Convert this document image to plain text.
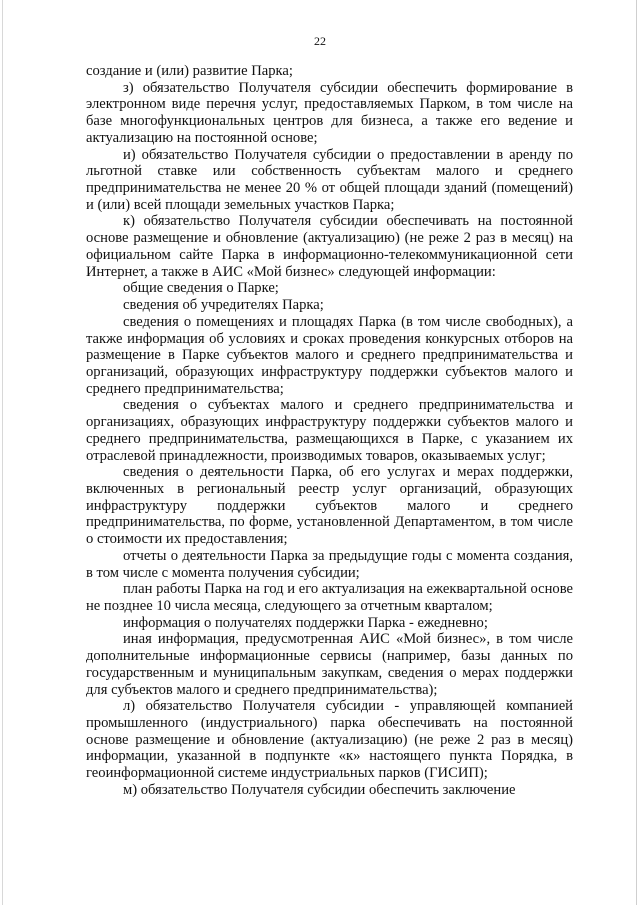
22

создание и (или) развитие Парка;

з) обязательство Получателя субсидии обеспечить формирование в электронном виде перечня услуг, предоставляемых Парком, в том числе на базе многофункциональных центров для бизнеса, а также его ведение и актуализацию на постоянной основе;

и) обязательство Получателя субсидии о предоставлении в аренду по льготной ставке или собственность субъектам малого и среднего предпринимательства не менее 20 % от общей площади зданий (помещений) и (или) всей площади земельных участков Парка;

к) обязательство Получателя субсидии обеспечивать на постоянной основе размещение и обновление (актуализацию) (не реже 2 раз в месяц) на официальном сайте Парка в информационно-телекоммуникационной сети Интернет, а также в АИС «Мой бизнес» следующей информации:

общие сведения о Парке;

сведения об учредителях Парка;

сведения о помещениях и площадях Парка (в том числе свободных), а также информация об условиях и сроках проведения конкурсных отборов на размещение в Парке субъектов малого и среднего предпринимательства и организаций, образующих инфраструктуру поддержки субъектов малого и среднего предпринимательства;

сведения о субъектах малого и среднего предпринимательства и организациях, образующих инфраструктуру поддержки субъектов малого и среднего предпринимательства, размещающихся в Парке, с указанием их отраслевой принадлежности, производимых товаров, оказываемых услуг;

сведения о деятельности Парка, об его услугах и мерах поддержки, включенных в региональный реестр услуг организаций, образующих инфраструктуру поддержки субъектов малого и среднего предпринимательства, по форме, установленной Департаментом, в том числе о стоимости их предоставления;

отчеты о деятельности Парка за предыдущие годы с момента создания, в том числе с момента получения субсидии;

план работы Парка на год и его актуализация на ежеквартальной основе не позднее 10 числа месяца, следующего за отчетным кварталом;

информация о получателях поддержки Парка - ежедневно;

иная информация, предусмотренная АИС «Мой бизнес», в том числе дополнительные информационные сервисы (например, базы данных по государственным и муниципальным закупкам, сведения о мерах поддержки для субъектов малого и среднего предпринимательства);

л) обязательство Получателя субсидии - управляющей компанией промышленного (индустриального) парка обеспечивать на постоянной основе размещение и обновление (актуализацию) (не реже 2 раз в месяц) информации, указанной в подпункте «к» настоящего пункта Порядка, в геоинформационной системе индустриальных парков (ГИСИП);

м) обязательство Получателя субсидии обеспечить заключение
